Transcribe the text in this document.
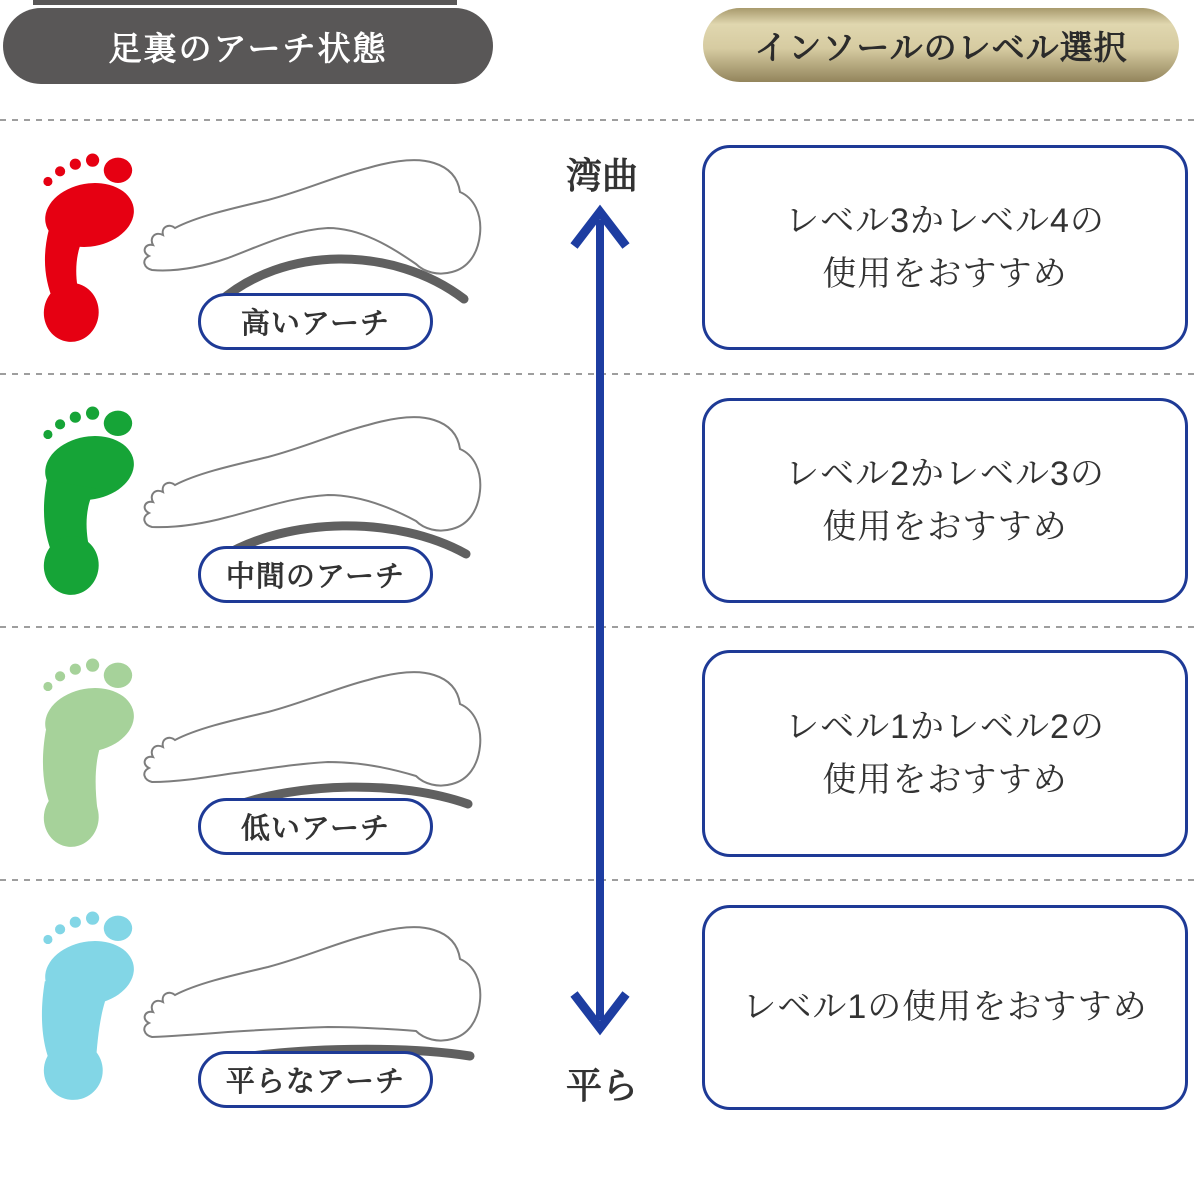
足裏のアーチ状態	インソールのレベル選択
高いアーチ
レベル3かレベル4の
使用をおすすめ
中間のアーチ
レベル2かレベル3の
使用をおすすめ
低いアーチ
レベル1かレベル2の
使用をおすすめ
平らなアーチ
レベル1の使用をおすすめ
湾曲
平ら
